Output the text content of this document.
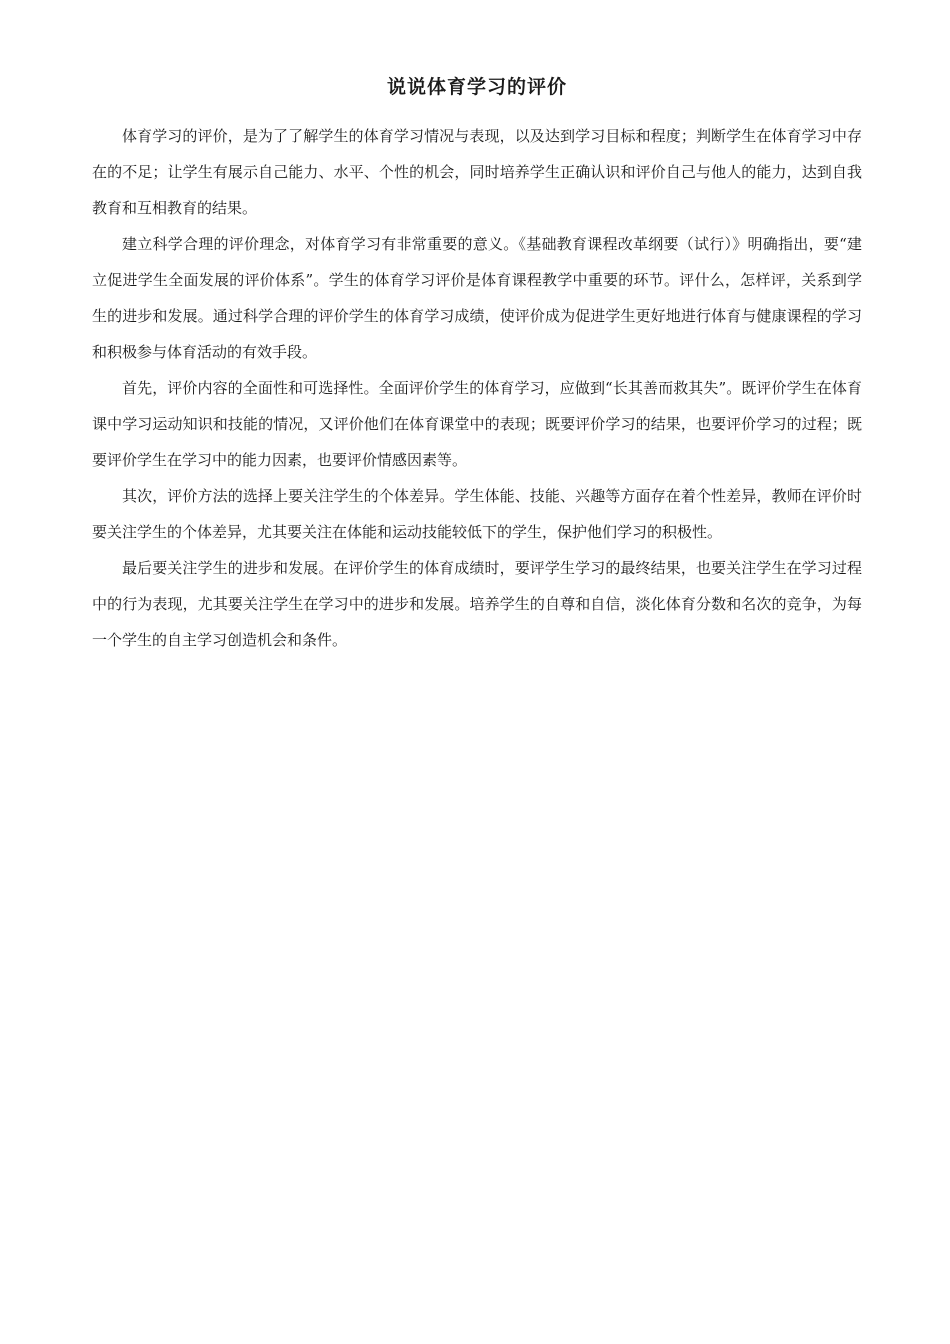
说说体育学习的评价

体育学习的评价，是为了了解学生的体育学习情况与表现，以及达到学习目标和程度；判断学生在体育学习中存在的不足；让学生有展示自己能力、水平、个性的机会，同时培养学生正确认识和评价自己与他人的能力，达到自我教育和互相教育的结果。

建立科学合理的评价理念，对体育学习有非常重要的意义。《基础教育课程改革纲要（试行）》明确指出，要“建立促进学生全面发展的评价体系”。学生的体育学习评价是体育课程教学中重要的环节。评什么，怎样评，关系到学生的进步和发展。通过科学合理的评价学生的体育学习成绩，使评价成为促进学生更好地进行体育与健康课程的学习和积极参与体育活动的有效手段。

首先，评价内容的全面性和可选择性。全面评价学生的体育学习，应做到“长其善而救其失”。既评价学生在体育课中学习运动知识和技能的情况，又评价他们在体育课堂中的表现；既要评价学习的结果，也要评价学习的过程；既要评价学生在学习中的能力因素，也要评价情感因素等。

其次，评价方法的选择上要关注学生的个体差异。学生体能、技能、兴趣等方面存在着个性差异，教师在评价时要关注学生的个体差异，尤其要关注在体能和运动技能较低下的学生，保护他们学习的积极性。

最后要关注学生的进步和发展。在评价学生的体育成绩时，要评学生学习的最终结果，也要关注学生在学习过程中的行为表现，尤其要关注学生在学习中的进步和发展。培养学生的自尊和自信，淡化体育分数和名次的竞争，为每一个学生的自主学习创造机会和条件。
